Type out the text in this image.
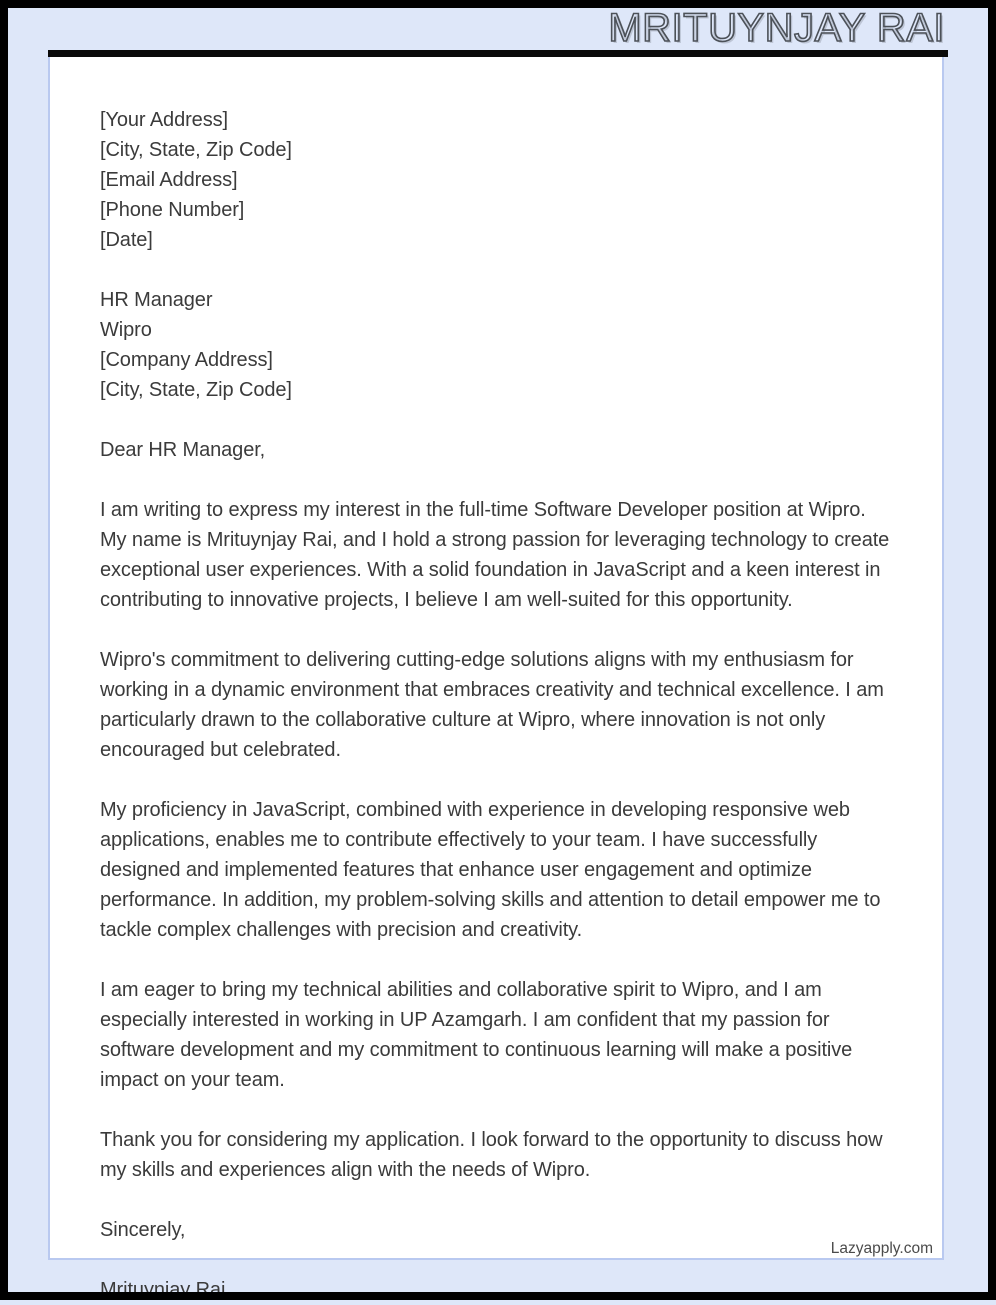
MRITUYNJAY RAI

[Your Address]
[City, State, Zip Code]
[Email Address]
[Phone Number]
[Date]

HR Manager
Wipro
[Company Address]
[City, State, Zip Code]

Dear HR Manager,

I am writing to express my interest in the full-time Software Developer position at Wipro. My name is Mrituynjay Rai, and I hold a strong passion for leveraging technology to create exceptional user experiences. With a solid foundation in JavaScript and a keen interest in contributing to innovative projects, I believe I am well-suited for this opportunity.

Wipro's commitment to delivering cutting-edge solutions aligns with my enthusiasm for working in a dynamic environment that embraces creativity and technical excellence. I am particularly drawn to the collaborative culture at Wipro, where innovation is not only encouraged but celebrated.

My proficiency in JavaScript, combined with experience in developing responsive web applications, enables me to contribute effectively to your team. I have successfully designed and implemented features that enhance user engagement and optimize performance. In addition, my problem-solving skills and attention to detail empower me to tackle complex challenges with precision and creativity.

I am eager to bring my technical abilities and collaborative spirit to Wipro, and I am especially interested in working in UP Azamgarh. I am confident that my passion for software development and my commitment to continuous learning will make a positive impact on your team.

Thank you for considering my application. I look forward to the opportunity to discuss how my skills and experiences align with the needs of Wipro.

Sincerely,

Mrituynjay Rai

Lazyapply.com
